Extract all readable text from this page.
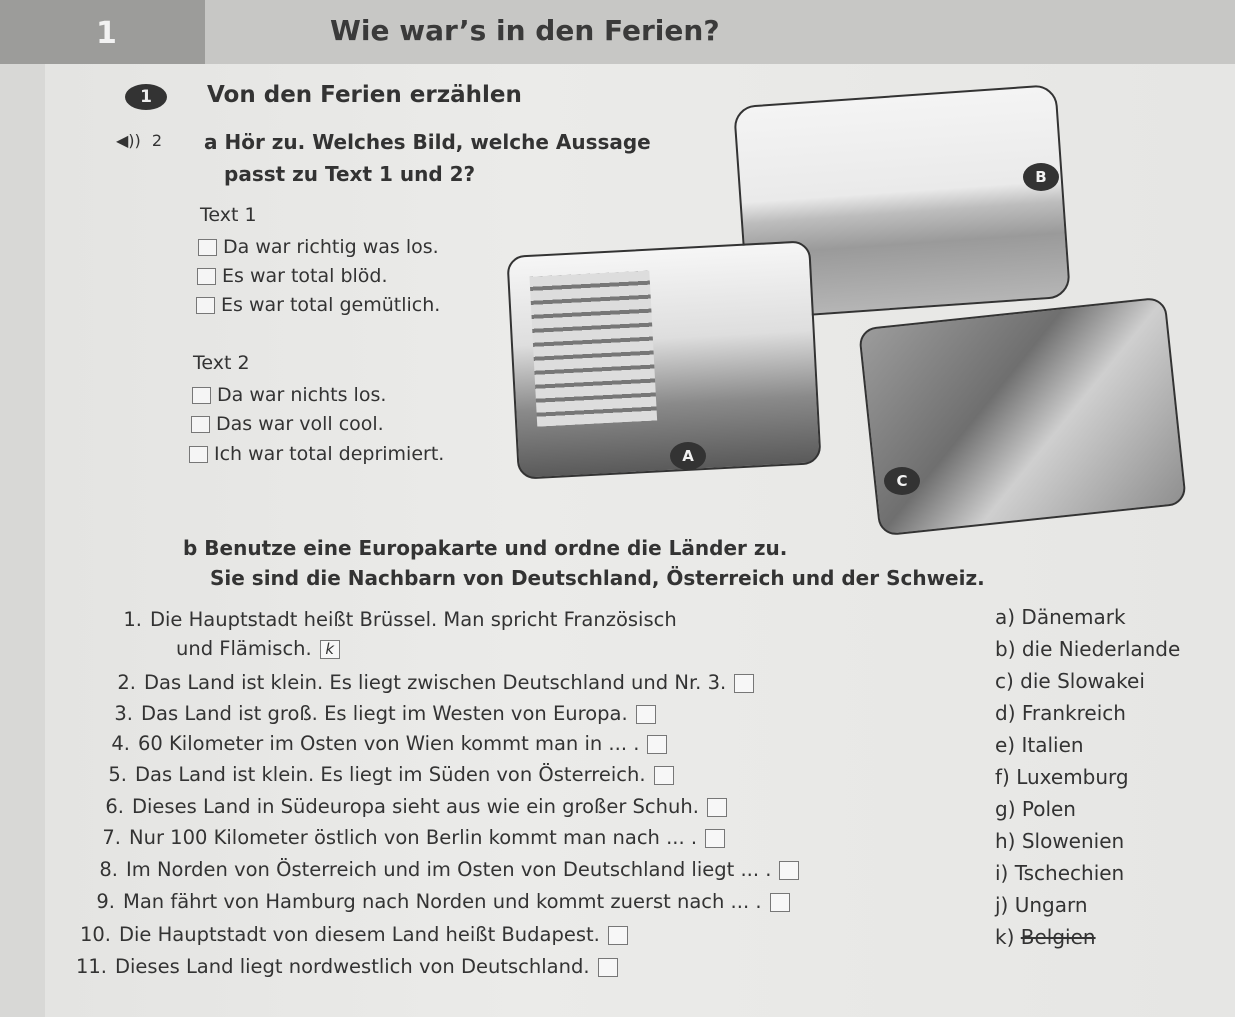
1	Wie war’s in den Ferien?
1	Von den Ferien erzählen
◀)) 2 a Hör zu. Welches Bild, welche Aussage
passt zu Text 1 und 2?
Text 1
Da war richtig was los.
Es war total blöd.
Es war total gemütlich.
Text 2
Da war nichts los.
Das war voll cool.
Ich war total deprimiert.
B
A
C
b Benutze eine Europakarte und ordne die Länder zu.
Sie sind die Nachbarn von Deutschland, Österreich und der Schweiz.
1. Die Hauptstadt heißt Brüssel. Man spricht Französisch
und Flämisch. k
2. Das Land ist klein. Es liegt zwischen Deutschland und Nr. 3.
3. Das Land ist groß. Es liegt im Westen von Europa.
4. 60 Kilometer im Osten von Wien kommt man in ... .
5. Das Land ist klein. Es liegt im Süden von Österreich.
6. Dieses Land in Südeuropa sieht aus wie ein großer Schuh.
7. Nur 100 Kilometer östlich von Berlin kommt man nach ... .
8. Im Norden von Österreich und im Osten von Deutschland liegt ... .
9. Man fährt von Hamburg nach Norden und kommt zuerst nach ... .
10. Die Hauptstadt von diesem Land heißt Budapest.
11. Dieses Land liegt nordwestlich von Deutschland.
a) Dänemark
b) die Niederlande
c) die Slowakei
d) Frankreich
e) Italien
f) Luxemburg
g) Polen
h) Slowenien
i) Tschechien
j) Ungarn
k) Belgien
